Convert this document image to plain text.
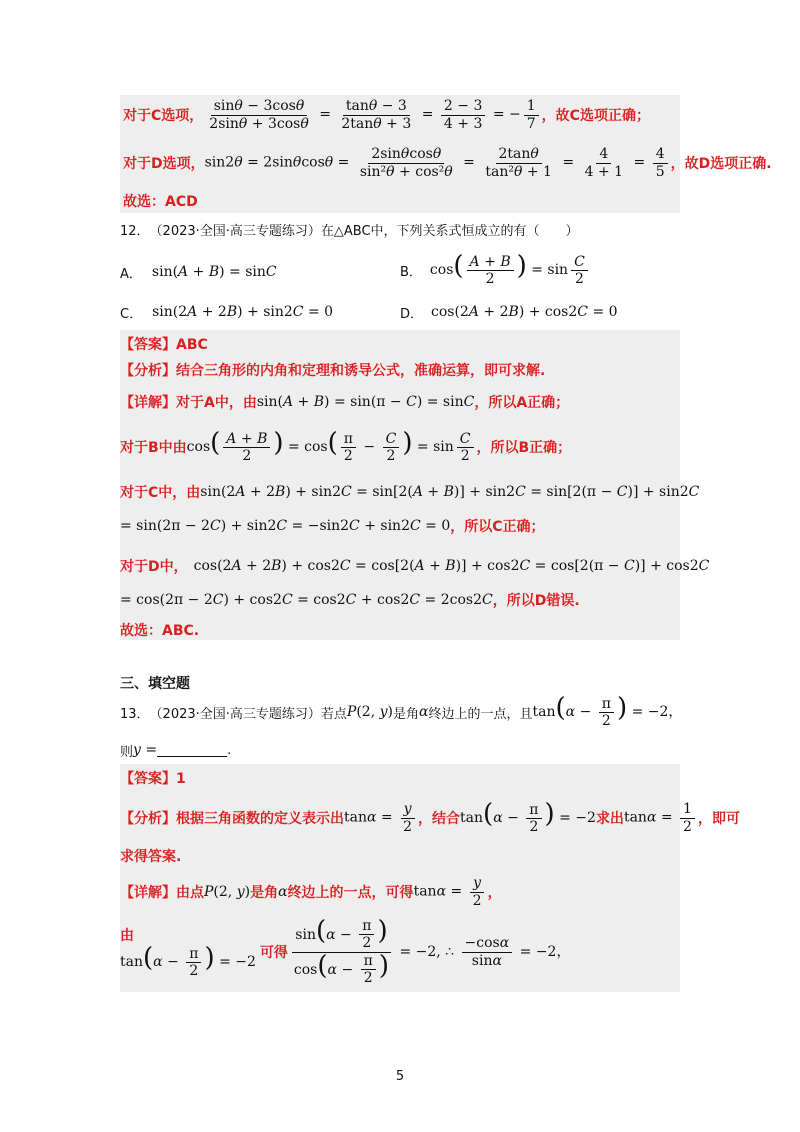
对于C选项， $\frac{\sin\theta - 3\cos\theta}{2\sin\theta + 3\cos\theta} = \frac{\tan\theta - 3}{2\tan\theta + 3} = \frac{2 - 3}{4 + 3}$ = − $\frac{1}{7}$ ，故C选项正确；
对于D选项， $\sin 2\theta = 2\sin\theta\cos\theta = \frac{2\sin\theta\cos\theta}{\text{sin²θ + cos²θ}} = \frac{2\tan\theta}{\text{tan²θ + 1}} = \frac{4}{4 + 1} = \frac{4}{5}$ ，故D选项正确.
故选：ACD
12． （2023·全国·高三专题练习）在△ABC中，下列关系式恒成立的有（　　）
A． sin(A + B) = sinC	B． $\cos( \frac{A + B}{2}$ ) = $\sin \frac{C}{2}$
C． sin(2A + 2B) + sin2C = 0	D． cos(2A + 2B) + cos2C = 0
【答案】ABC
【分析】结合三角形的内角和定理和诱导公式，准确运算，即可求解.
【详解】对于A中，由 sin(A + B) = sin(π − C) = sinC ，所以A正确；
对于B中由 $\cos( \frac{A + B}{2}$ ) = $\cos( \frac{\pi}{2} - \frac{C}{2}$ ) = $\sin \frac{C}{2}$ ，所以B正确；
对于C中，由 sin(2A + 2B) + sin2C = sin[2(A + B)] + sin2C = sin[2(π − C)] + sin2C
= sin(2π − 2C) + sin2C = −sin2C + sin2C = 0 ，所以C正确；
对于D中， cos(2A + 2B) + cos2C = cos[2(A + B)] + cos2C = cos[2(π − C)] + cos2C
= cos(2π − 2C) + cos2C = cos2C + cos2C = 2cos2C ，所以D错误.
故选：ABC.
三、填空题
13． （2023·全国·高三专题练习）若点 P(2, y) 是角 α 终边上的一点，且 $\tan(\alpha - \frac{\pi}{2}$ ) = −2，
则 y =	.
【答案】1
【分析】根据三角函数的定义表示出 $\tan\alpha = \frac{y}{2}$ ，结合 $\tan(\alpha - \frac{\pi}{2}$ ) = −2 求出 $\tan\alpha = \frac{1}{2}$ ，即可
求得答案.
【详解】由点 P(2, y) 是角 α 终边上的一点，可得 $\tan\alpha = \frac{y}{2}$ ，
由
$\tan(\alpha - \frac{\pi}{2}$ ) = −2
可得 $\frac{\sin(\alpha - \frac{\pi}{2} )}{\cos(\alpha - \frac{\pi}{2} )} = -2$, ∴ $\frac{-\cos\alpha}{\sin\alpha} = -2$，
5
